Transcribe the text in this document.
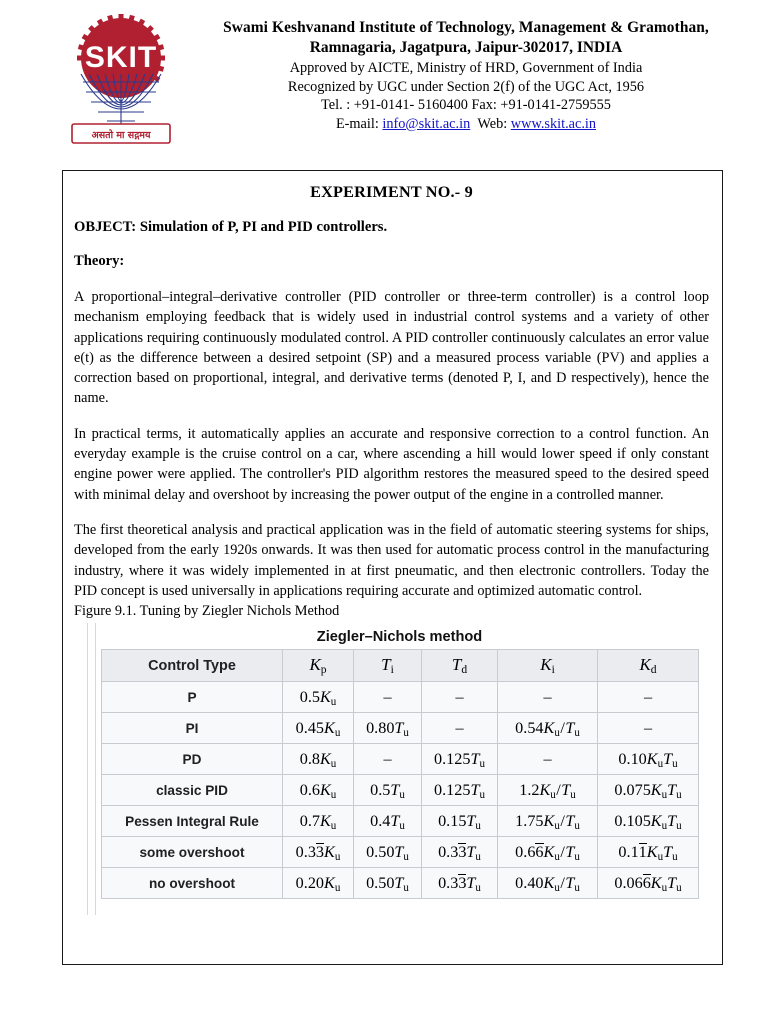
SKIT
असतो मा सद्गमय
Swami Keshvanand Institute of Technology, Management & Gramothan,
Ramnagaria, Jagatpura, Jaipur-302017, INDIA
Approved by AICTE, Ministry of HRD, Government of India
Recognized by UGC under Section 2(f) of the UGC Act, 1956
Tel. : +91-0141- 5160400 Fax: +91-0141-2759555
E-mail: info@skit.ac.in Web: www.skit.ac.in
EXPERIMENT NO.- 9
OBJECT: Simulation of P, PI and PID controllers.
Theory:

A proportional–integral–derivative controller (PID controller or three-term controller) is a control loop mechanism employing feedback that is widely used in industrial control systems and a variety of other applications requiring continuously modulated control. A PID controller continuously calculates an error value e(t) as the difference between a desired setpoint (SP) and a measured process variable (PV) and applies a correction based on proportional, integral, and derivative terms (denoted P, I, and D respectively), hence the name.

In practical terms, it automatically applies an accurate and responsive correction to a control function. An everyday example is the cruise control on a car, where ascending a hill would lower speed if only constant engine power were applied. The controller's PID algorithm restores the measured speed to the desired speed with minimal delay and overshoot by increasing the power output of the engine in a controlled manner.

The first theoretical analysis and practical application was in the field of automatic steering systems for ships, developed from the early 1920s onwards. It was then used for automatic process control in the manufacturing industry, where it was widely implemented in at first pneumatic, and then electronic controllers. Today the PID concept is used universally in applications requiring accurate and optimized automatic control.

Figure 9.1. Tuning by Ziegler Nichols Method
Ziegler–Nichols method
Control Type	$K_p$	$T_i$	$T_d$	$K_i$	$K_d$
P	$0.5K_u$	–	–	–	–
PI	$0.45K_u$	$0.80T_u$	–	$0.54K_u/T_u$	–
PD	$0.8K_u$	–	$0.125T_u$	–	$0.10K_uT_u$
classic PID	$0.6K_u$	$0.5T_u$	$0.125T_u$	$1.2K_u/T_u$	$0.075K_uT_u$
Pessen Integral Rule	$0.7K_u$	$0.4T_u$	$0.15T_u$	$1.75K_u/T_u$	$0.105K_uT_u$
some overshoot	$0.33K_u$	$0.50T_u$	$0.33T_u$	$0.66K_u/T_u$	$0.11K_uT_u$
no overshoot	$0.20K_u$	$0.50T_u$	$0.33T_u$	$0.40K_u/T_u$	$0.066K_uT_u$
